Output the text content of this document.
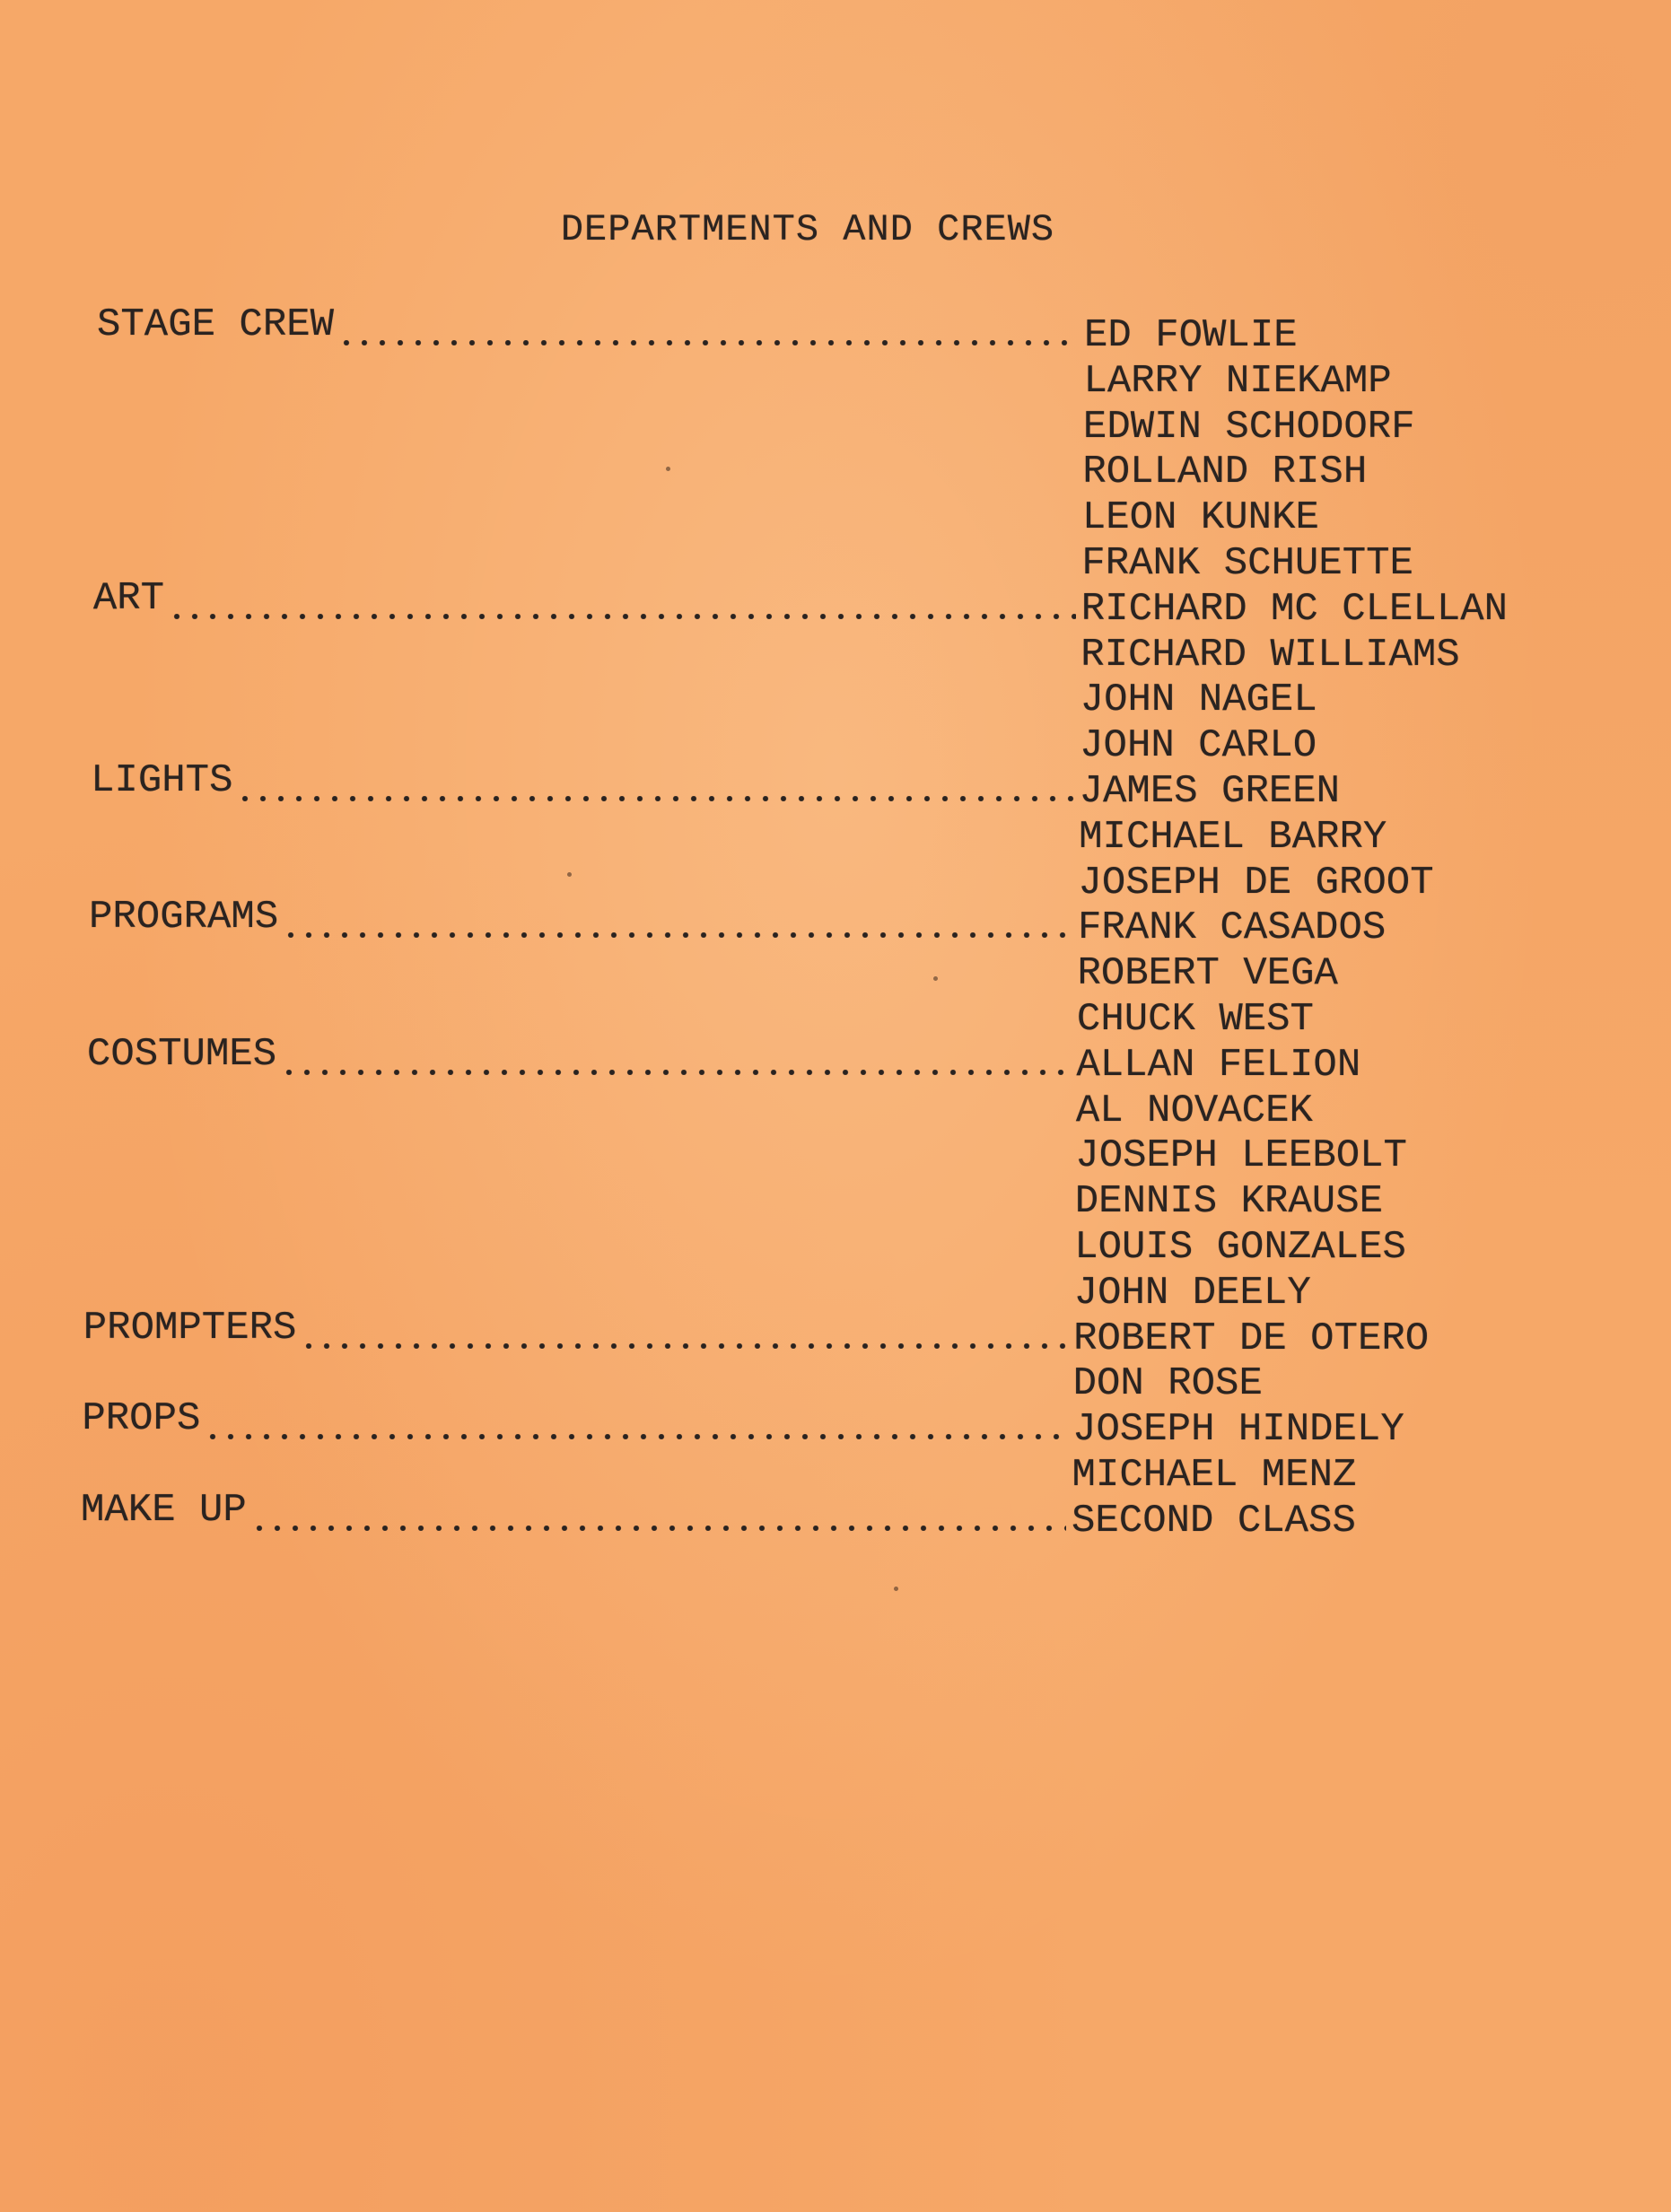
DEPARTMENTS AND CREWS
ED FOWLIE
STAGE CREW
LARRY NIEKAMP
EDWIN SCHODORF
ROLLAND RISH
LEON KUNKE
FRANK SCHUETTE
RICHARD MC CLELLAN
ART
RICHARD WILLIAMS
JOHN NAGEL
JOHN CARLO
JAMES GREEN
LIGHTS
MICHAEL BARRY
JOSEPH DE GROOT
FRANK CASADOS
PROGRAMS
ROBERT VEGA
CHUCK WEST
ALLAN FELION
COSTUMES
AL NOVACEK
JOSEPH LEEBOLT
DENNIS KRAUSE
LOUIS GONZALES
JOHN DEELY
ROBERT DE OTERO
PROMPTERS
DON ROSE
JOSEPH HINDELY
PROPS
MICHAEL MENZ
SECOND CLASS
MAKE UP
